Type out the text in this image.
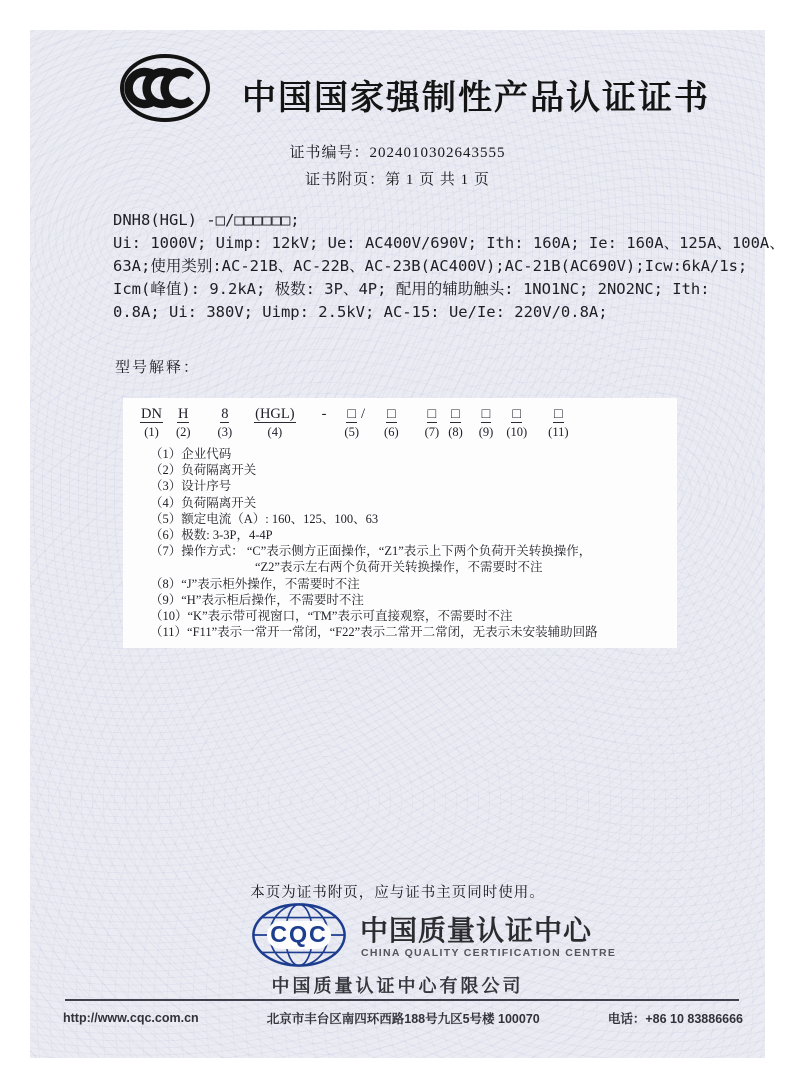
中国国家强制性产品认证证书
证书编号：2024010302643555
证书附页：第 1 页 共 1 页
DNH8(HGL) -□/□□□□□□;
Ui: 1000V; Uimp: 12kV; Ue: AC400V/690V; Ith: 160A; Ie: 160A、125A、100A、
63A;使用类别:AC-21B、AC-22B、AC-23B(AC400V);AC-21B(AC690V);Icw:6kA/1s;
Icm(峰值): 9.2kA; 极数: 3P、4P; 配用的辅助触头: 1NO1NC; 2NO2NC; Ith:
0.8A; Ui: 380V; Uimp: 2.5kV; AC-15: Ue/Ie: 220V/0.8A;
型号解释：
DN
(1)
H
(2)
8
(3)
(HGL)
(4)
- □
(5)
/ □
(6)
□
(7)
□
(8)
□
(9)
□
(10)
□
(11)
（1）企业代码
（2）负荷隔离开关
（3）设计序号
（4）负荷隔离开关
（5）额定电流（A）: 160、125、100、63
（6）极数: 3-3P，4-4P
（7）操作方式： “C”表示侧方正面操作，“Z1”表示上下两个负荷开关转换操作，
“Z2”表示左右两个负荷开关转换操作，不需要时不注
（8）“J”表示柜外操作，不需要时不注
（9）“H”表示柜后操作，不需要时不注
（10）“K”表示带可视窗口，“TM”表示可直接观察，不需要时不注
（11）“F11”表示一常开一常闭，“F22”表示二常开二常闭，无表示未安装辅助回路
本页为证书附页，应与证书主页同时使用。
CQC 中国质量认证中心
CHINA QUALITY CERTIFICATION CENTRE
中国质量认证中心有限公司
http://www.cqc.com.cn	北京市丰台区南四环西路188号九区5号楼 100070	电话：+86 10 83886666
